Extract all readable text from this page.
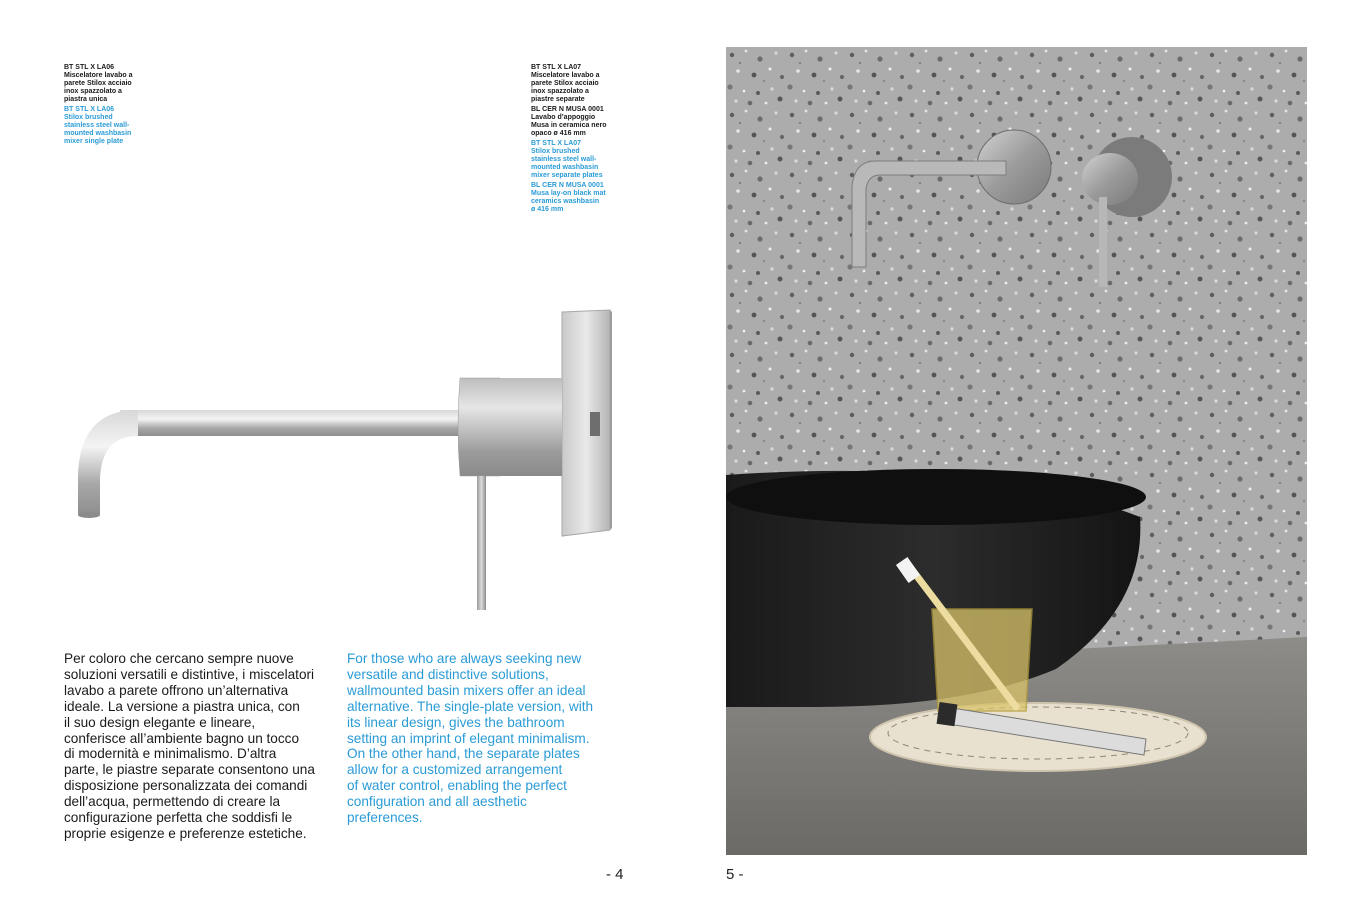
BT STL X LA06
Miscelatore lavabo a
parete Stilox acciaio
inox spazzolato a
piastra unica
BT STL X LA06
Stilox brushed
stainless steel wall-
mounted washbasin
mixer single plate
BT STL X LA07
Miscelatore lavabo a
parete Stilox acciaio
inox spazzolato a
piastre separate
BL CER N MUSA 0001
Lavabo d’appoggio
Musa in ceramica nero
opaco ø 416 mm
BT STL X LA07
Stilox brushed
stainless steel wall-
mounted washbasin
mixer separate plates
BL CER N MUSA 0001
Musa lay-on black mat
ceramics washbasin
ø 416 mm
Per coloro che cercano sempre nuove
soluzioni versatili e distintive, i miscelatori
lavabo a parete offrono un’alternativa
ideale. La versione a piastra unica, con
il suo design elegante e lineare,
conferisce all’ambiente bagno un tocco
di modernità e minimalismo. D’altra
parte, le piastre separate consentono una
disposizione personalizzata dei comandi
dell’acqua, permettendo di creare la
configurazione perfetta che soddisfi le
proprie esigenze e preferenze estetiche.
For those who are always seeking new
versatile and distinctive solutions,
wallmounted basin mixers offer an ideal
alternative. The single-plate version, with
its linear design, gives the bathroom
setting an imprint of elegant minimalism.
On the other hand, the separate plates
allow for a customized arrangement
of water control, enabling the perfect
configuration and all aesthetic
preferences.
- 4	5 -
